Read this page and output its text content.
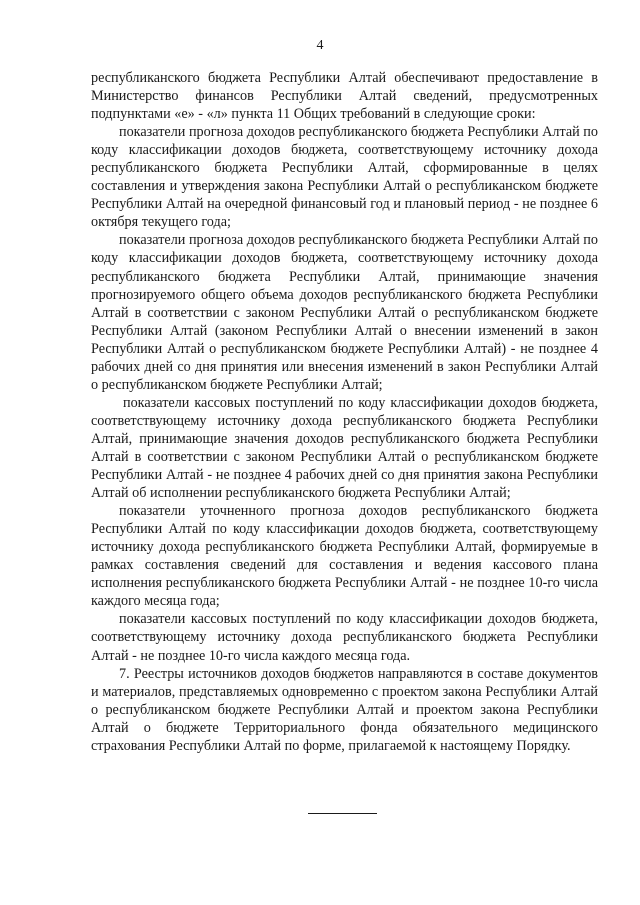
4

республиканского бюджета Республики Алтай обеспечивают предоставление в Министерство финансов Республики Алтай сведений, предусмотренных подпунктами «е» - «л» пункта 11 Общих требований в следующие сроки:

показатели прогноза доходов республиканского бюджета Республики Алтай по коду классификации доходов бюджета, соответствующему источнику дохода республиканского бюджета Республики Алтай, сформированные в целях составления и утверждения закона Республики Алтай о республиканском бюджете Республики Алтай на очередной финансовый год и плановый период - не позднее 6 октября текущего года;

показатели прогноза доходов республиканского бюджета Республики Алтай по коду классификации доходов бюджета, соответствующему источнику дохода республиканского бюджета Республики Алтай, принимающие значения прогнозируемого общего объема доходов республиканского бюджета Республики Алтай в соответствии с законом Республики Алтай о республиканском бюджете Республики Алтай (законом Республики Алтай о внесении изменений в закон Республики Алтай о республиканском бюджете Республики Алтай) - не позднее 4 рабочих дней со дня принятия или внесения изменений в закон Республики Алтай о республиканском бюджете Республики Алтай;

показатели кассовых поступлений по коду классификации доходов бюджета, соответствующему источнику дохода республиканского бюджета Республики Алтай, принимающие значения доходов республиканского бюджета Республики Алтай в соответствии с законом Республики Алтай о республиканском бюджете Республики Алтай - не позднее 4 рабочих дней со дня принятия закона Республики Алтай об исполнении республиканского бюджета Республики Алтай;

показатели уточненного прогноза доходов республиканского бюджета Республики Алтай по коду классификации доходов бюджета, соответствующему источнику дохода республиканского бюджета Республики Алтай, формируемые в рамках составления сведений для составления и ведения кассового плана исполнения республиканского бюджета Республики Алтай - не позднее 10-го числа каждого месяца года;

показатели кассовых поступлений по коду классификации доходов бюджета, соответствующему источнику дохода республиканского бюджета Республики Алтай - не позднее 10-го числа каждого месяца года.

7. Реестры источников доходов бюджетов направляются в составе документов и материалов, представляемых одновременно с проектом закона Республики Алтай о республиканском бюджете Республики Алтай и проектом закона Республики Алтай о бюджете Территориального фонда обязательного медицинского страхования Республики Алтай по форме, прилагаемой к настоящему Порядку.
